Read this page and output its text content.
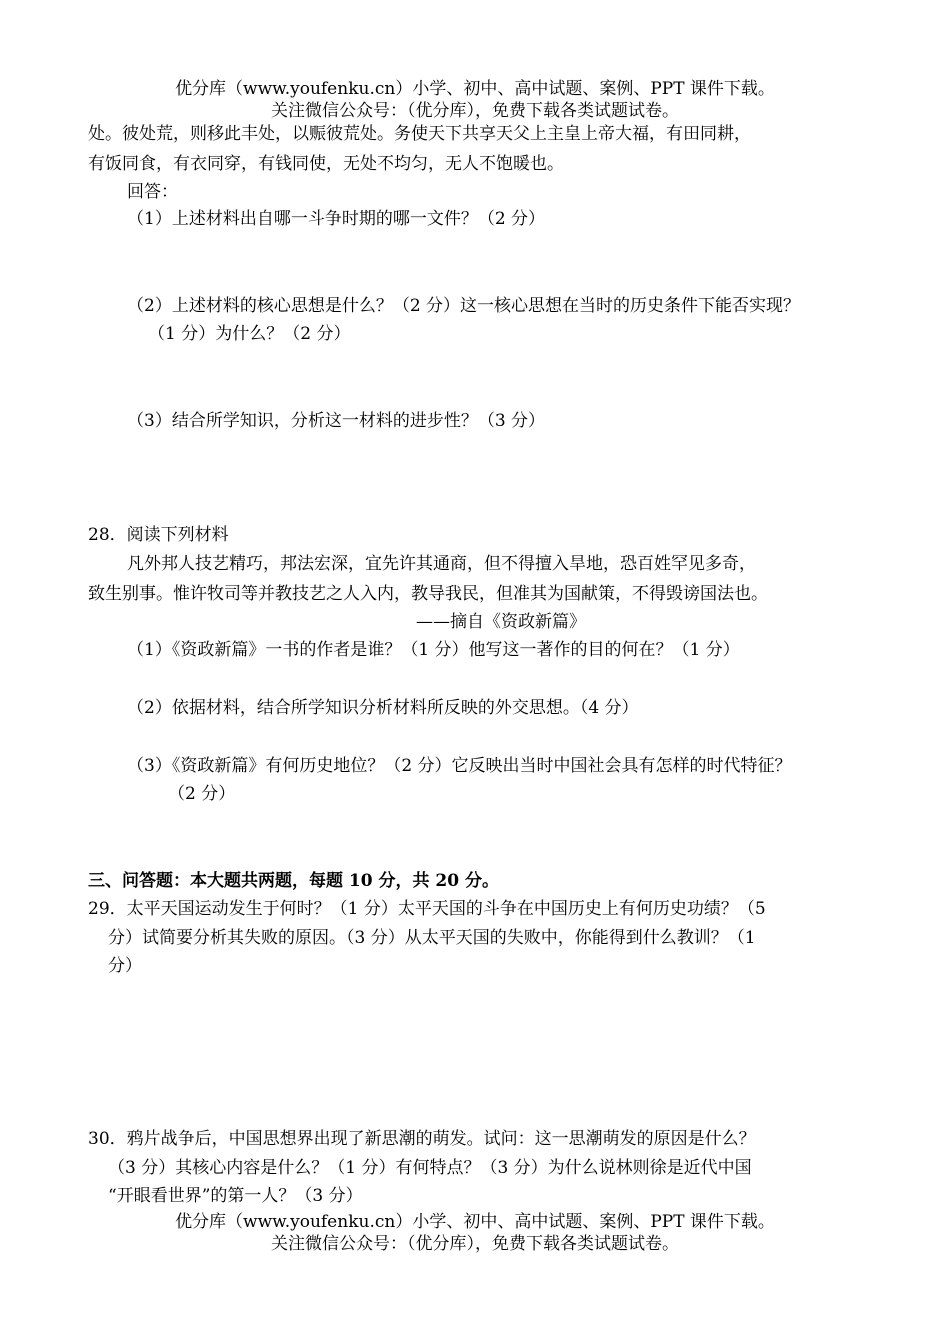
优分库（www.youfenku.cn）小学、初中、高中试题、案例、PPT 课件下载。
关注微信公众号：（优分库），免费下载各类试题试卷。
处。彼处荒，则移此丰处，以赈彼荒处。务使天下共享天父上主皇上帝大福，有田同耕，
有饭同食，有衣同穿，有钱同使，无处不均匀，无人不饱暖也。
回答：
（1）上述材料出自哪一斗争时期的哪一文件？（2 分）
（2）上述材料的核心思想是什么？（2 分）这一核心思想在当时的历史条件下能否实现？
（1 分）为什么？（2 分）
（3）结合所学知识，分析这一材料的进步性？（3 分）
28．阅读下列材料
凡外邦人技艺精巧，邦法宏深，宜先许其通商，但不得擅入旱地，恐百姓罕见多奇，
致生别事。惟许牧司等并教技艺之人入内，教导我民，但准其为国献策，不得毁谤国法也。
——摘自《资政新篇》
（1）《资政新篇》一书的作者是谁？（1 分）他写这一著作的目的何在？（1 分）
（2）依据材料，结合所学知识分析材料所反映的外交思想。（4 分）
（3）《资政新篇》有何历史地位？（2 分）它反映出当时中国社会具有怎样的时代特征？
（2 分）
三、问答题：本大题共两题，每题 10 分，共 20 分。
29．太平天国运动发生于何时？（1 分）太平天国的斗争在中国历史上有何历史功绩？（5
分）试简要分析其失败的原因。（3 分）从太平天国的失败中，你能得到什么教训？（1
分）
30．鸦片战争后，中国思想界出现了新思潮的萌发。试问：这一思潮萌发的原因是什么？
（3 分）其核心内容是什么？（1 分）有何特点？（3 分）为什么说林则徐是近代中国
“开眼看世界”的第一人？（3 分）
优分库（www.youfenku.cn）小学、初中、高中试题、案例、PPT 课件下载。
关注微信公众号：（优分库），免费下载各类试题试卷。
